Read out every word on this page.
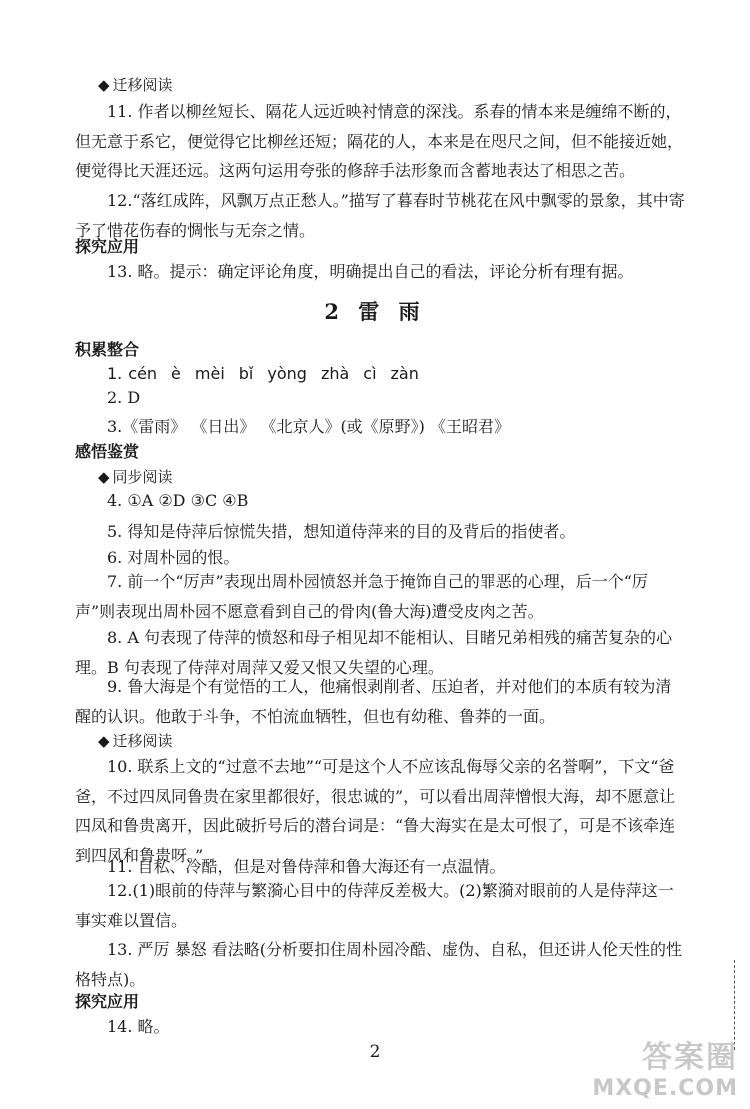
◆ 迁移阅读

11. 作者以柳丝短长、隔花人远近映衬情意的深浅。系春的情本来是缠绵不断的，但无意于系它，便觉得它比柳丝还短；隔花的人，本来是在咫尺之间，但不能接近她，便觉得比天涯还远。这两句运用夸张的修辞手法形象而含蓄地表达了相思之苦。

12.“落红成阵，风飘万点正愁人。”描写了暮春时节桃花在风中飘零的景象，其中寄予了惜花伤春的惆怅与无奈之情。

探究应用
13. 略。提示：确定评论角度，明确提出自己的看法，评论分析有理有据。
2 雷 雨
积累整合
1. cén è mèi bǐ yòng zhà cì zàn
2. D
3.《雷雨》 《日出》 《北京人》(或《原野》) 《王昭君》
感悟鉴赏
◆ 同步阅读
4. ①A ②D ③C ④B
5. 得知是侍萍后惊慌失措，想知道侍萍来的目的及背后的指使者。
6. 对周朴园的恨。

7. 前一个“厉声”表现出周朴园愤怒并急于掩饰自己的罪恶的心理，后一个“厉声”则表现出周朴园不愿意看到自己的骨肉(鲁大海)遭受皮肉之苦。

8. A 句表现了侍萍的愤怒和母子相见却不能相认、目睹兄弟相残的痛苦复杂的心理。B 句表现了侍萍对周萍又爱又恨又失望的心理。

9. 鲁大海是个有觉悟的工人，他痛恨剥削者、压迫者，并对他们的本质有较为清醒的认识。他敢于斗争，不怕流血牺牲，但也有幼稚、鲁莽的一面。

◆ 迁移阅读

10. 联系上文的“过意不去地”“可是这个人不应该乱侮辱父亲的名誉啊”，下文“爸爸，不过四凤同鲁贵在家里都很好，很忠诚的”，可以看出周萍憎恨大海，却不愿意让四凤和鲁贵离开，因此破折号后的潜台词是：“鲁大海实在是太可恨了，可是不该牵连到四凤和鲁贵呀。”

11. 自私、冷酷，但是对鲁侍萍和鲁大海还有一点温情。

12.(1)眼前的侍萍与繁漪心目中的侍萍反差极大。(2)繁漪对眼前的人是侍萍这一事实难以置信。

13. 严厉 暴怒 看法略(分析要扣住周朴园冷酷、虚伪、自私，但还讲人伦天性的性格特点)。

探究应用
14. 略。
2	答案圈
MXQE.COM
